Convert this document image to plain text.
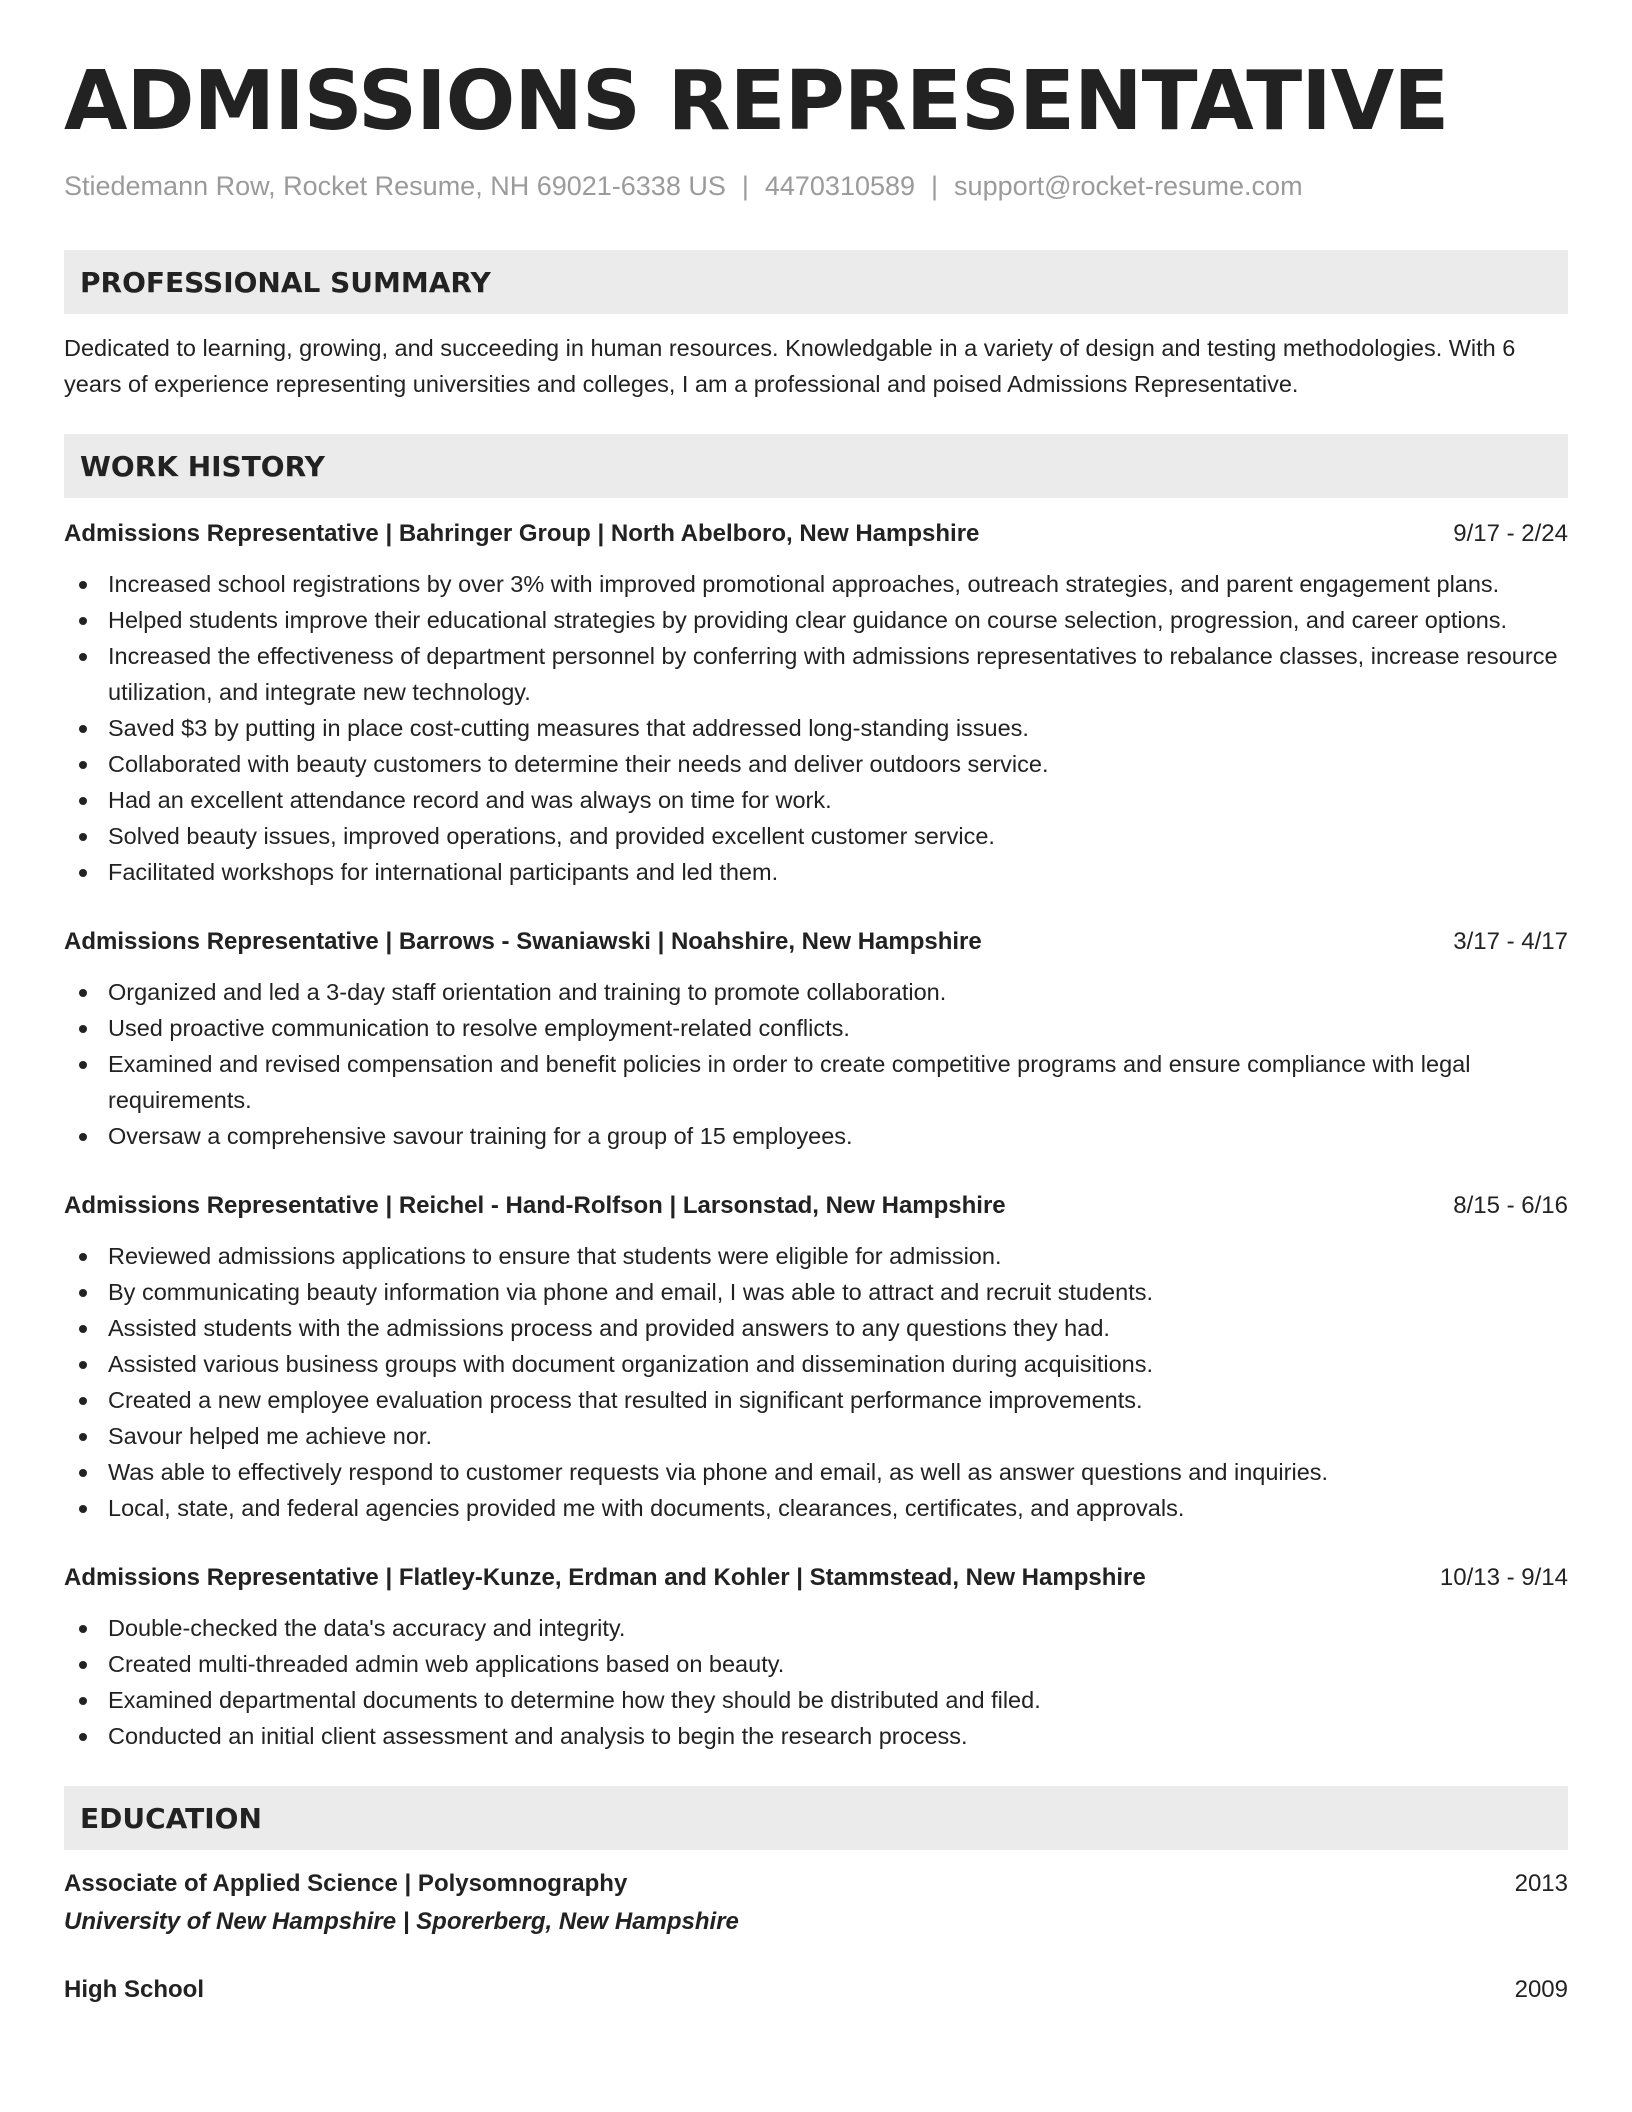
ADMISSIONS REPRESENTATIVE
Stiedemann Row, Rocket Resume, NH 69021-6338 US | 4470310589 | support@rocket-resume.com
PROFESSIONAL SUMMARY

Dedicated to learning, growing, and succeeding in human resources. Knowledgable in a variety of design and testing methodologies. With 6 years of experience representing universities and colleges, I am a professional and poised Admissions Representative.

WORK HISTORY
Admissions Representative | Bahringer Group | North Abelboro, New Hampshire	9/17 - 2/24
Increased school registrations by over 3% with improved promotional approaches, outreach strategies, and parent engagement plans.
Helped students improve their educational strategies by providing clear guidance on course selection, progression, and career options.
Increased the effectiveness of department personnel by conferring with admissions representatives to rebalance classes, increase resource utilization, and integrate new technology.
Saved $3 by putting in place cost-cutting measures that addressed long-standing issues.
Collaborated with beauty customers to determine their needs and deliver outdoors service.
Had an excellent attendance record and was always on time for work.
Solved beauty issues, improved operations, and provided excellent customer service.
Facilitated workshops for international participants and led them.
Admissions Representative | Barrows - Swaniawski | Noahshire, New Hampshire	3/17 - 4/17
Organized and led a 3-day staff orientation and training to promote collaboration.
Used proactive communication to resolve employment-related conflicts.
Examined and revised compensation and benefit policies in order to create competitive programs and ensure compliance with legal requirements.
Oversaw a comprehensive savour training for a group of 15 employees.
Admissions Representative | Reichel - Hand-Rolfson | Larsonstad, New Hampshire	8/15 - 6/16
Reviewed admissions applications to ensure that students were eligible for admission.
By communicating beauty information via phone and email, I was able to attract and recruit students.
Assisted students with the admissions process and provided answers to any questions they had.
Assisted various business groups with document organization and dissemination during acquisitions.
Created a new employee evaluation process that resulted in significant performance improvements.
Savour helped me achieve nor.
Was able to effectively respond to customer requests via phone and email, as well as answer questions and inquiries.
Local, state, and federal agencies provided me with documents, clearances, certificates, and approvals.
Admissions Representative | Flatley-Kunze, Erdman and Kohler | Stammstead, New Hampshire	10/13 - 9/14
Double-checked the data's accuracy and integrity.
Created multi-threaded admin web applications based on beauty.
Examined departmental documents to determine how they should be distributed and filed.
Conducted an initial client assessment and analysis to begin the research process.
EDUCATION
Associate of Applied Science | Polysomnography	2013
University of New Hampshire | Sporerberg, New Hampshire
High School	2009
